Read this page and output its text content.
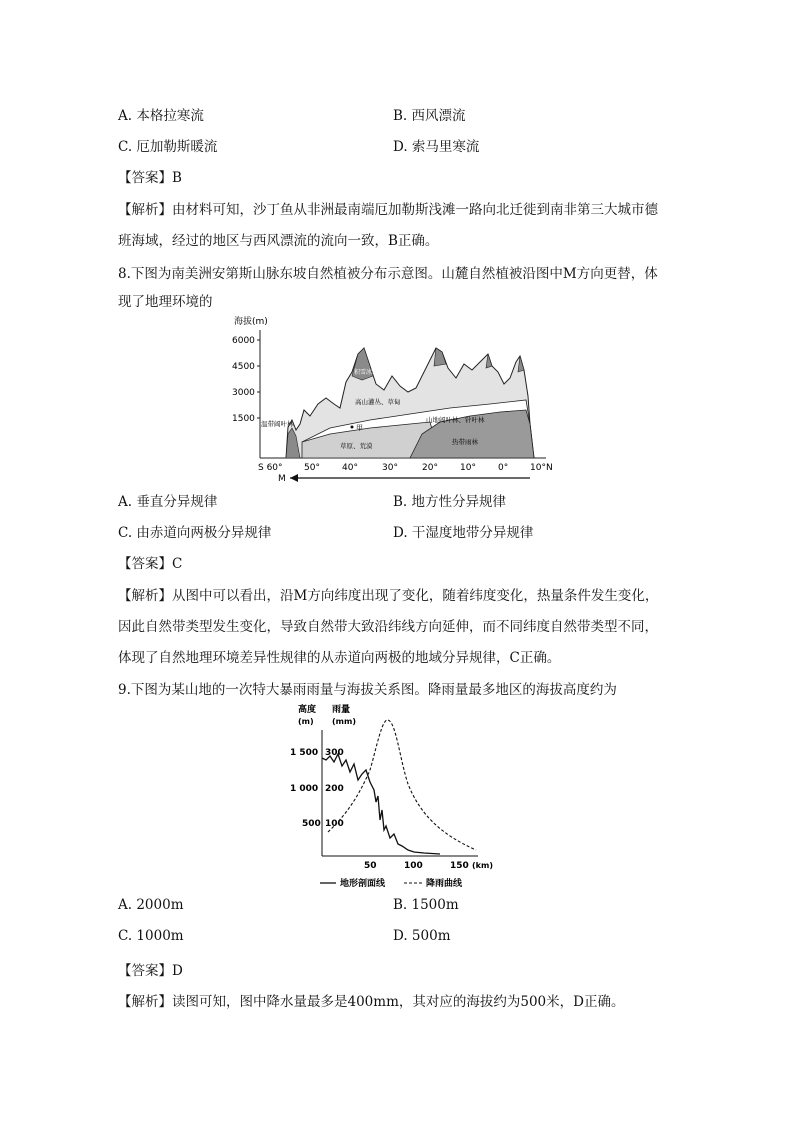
A. 本格拉寒流	B. 西风漂流
C. 厄加勒斯暖流	D. 索马里寒流
【答案】B
【解析】由材料可知，沙丁鱼从非洲最南端厄加勒斯浅滩一路向北迁徙到南非第三大城市德
班海域，经过的地区与西风漂流的流向一致，B正确。
8.下图为南美洲安第斯山脉东坡自然植被分布示意图。山麓自然植被沿图中M方向更替，体
现了地理环境的
海拔(m)
6000
4500
3000
1500
积雪冰川
高山灌丛、草甸
山地阔叶林、针叶林
温带阔叶林
草原、荒漠	热带雨林
甲
S 60° 50° 40°	30°	20° 10° 0° 10°N
M
A. 垂直分异规律	B. 地方性分异规律
C. 由赤道向两极分异规律	D. 干湿度地带分异规律
【答案】C
【解析】从图中可以看出，沿M方向纬度出现了变化，随着纬度变化，热量条件发生变化，
因此自然带类型发生变化，导致自然带大致沿纬线方向延伸，而不同纬度自然带类型不同，
体现了自然地理环境差异性规律的从赤道向两极的地域分异规律，C正确。
9.下图为某山地的一次特大暴雨雨量与海拔关系图。降雨量最多地区的海拔高度约为
高度
(m)
雨量
(mm)
1 500
1 000
500
300
200
100
50	100	150 (km)
地形剖面线	降雨曲线
A. 2000m	B. 1500m
C. 1000m	D. 500m
【答案】D
【解析】读图可知，图中降水量最多是400mm，其对应的海拔约为500米，D正确。
